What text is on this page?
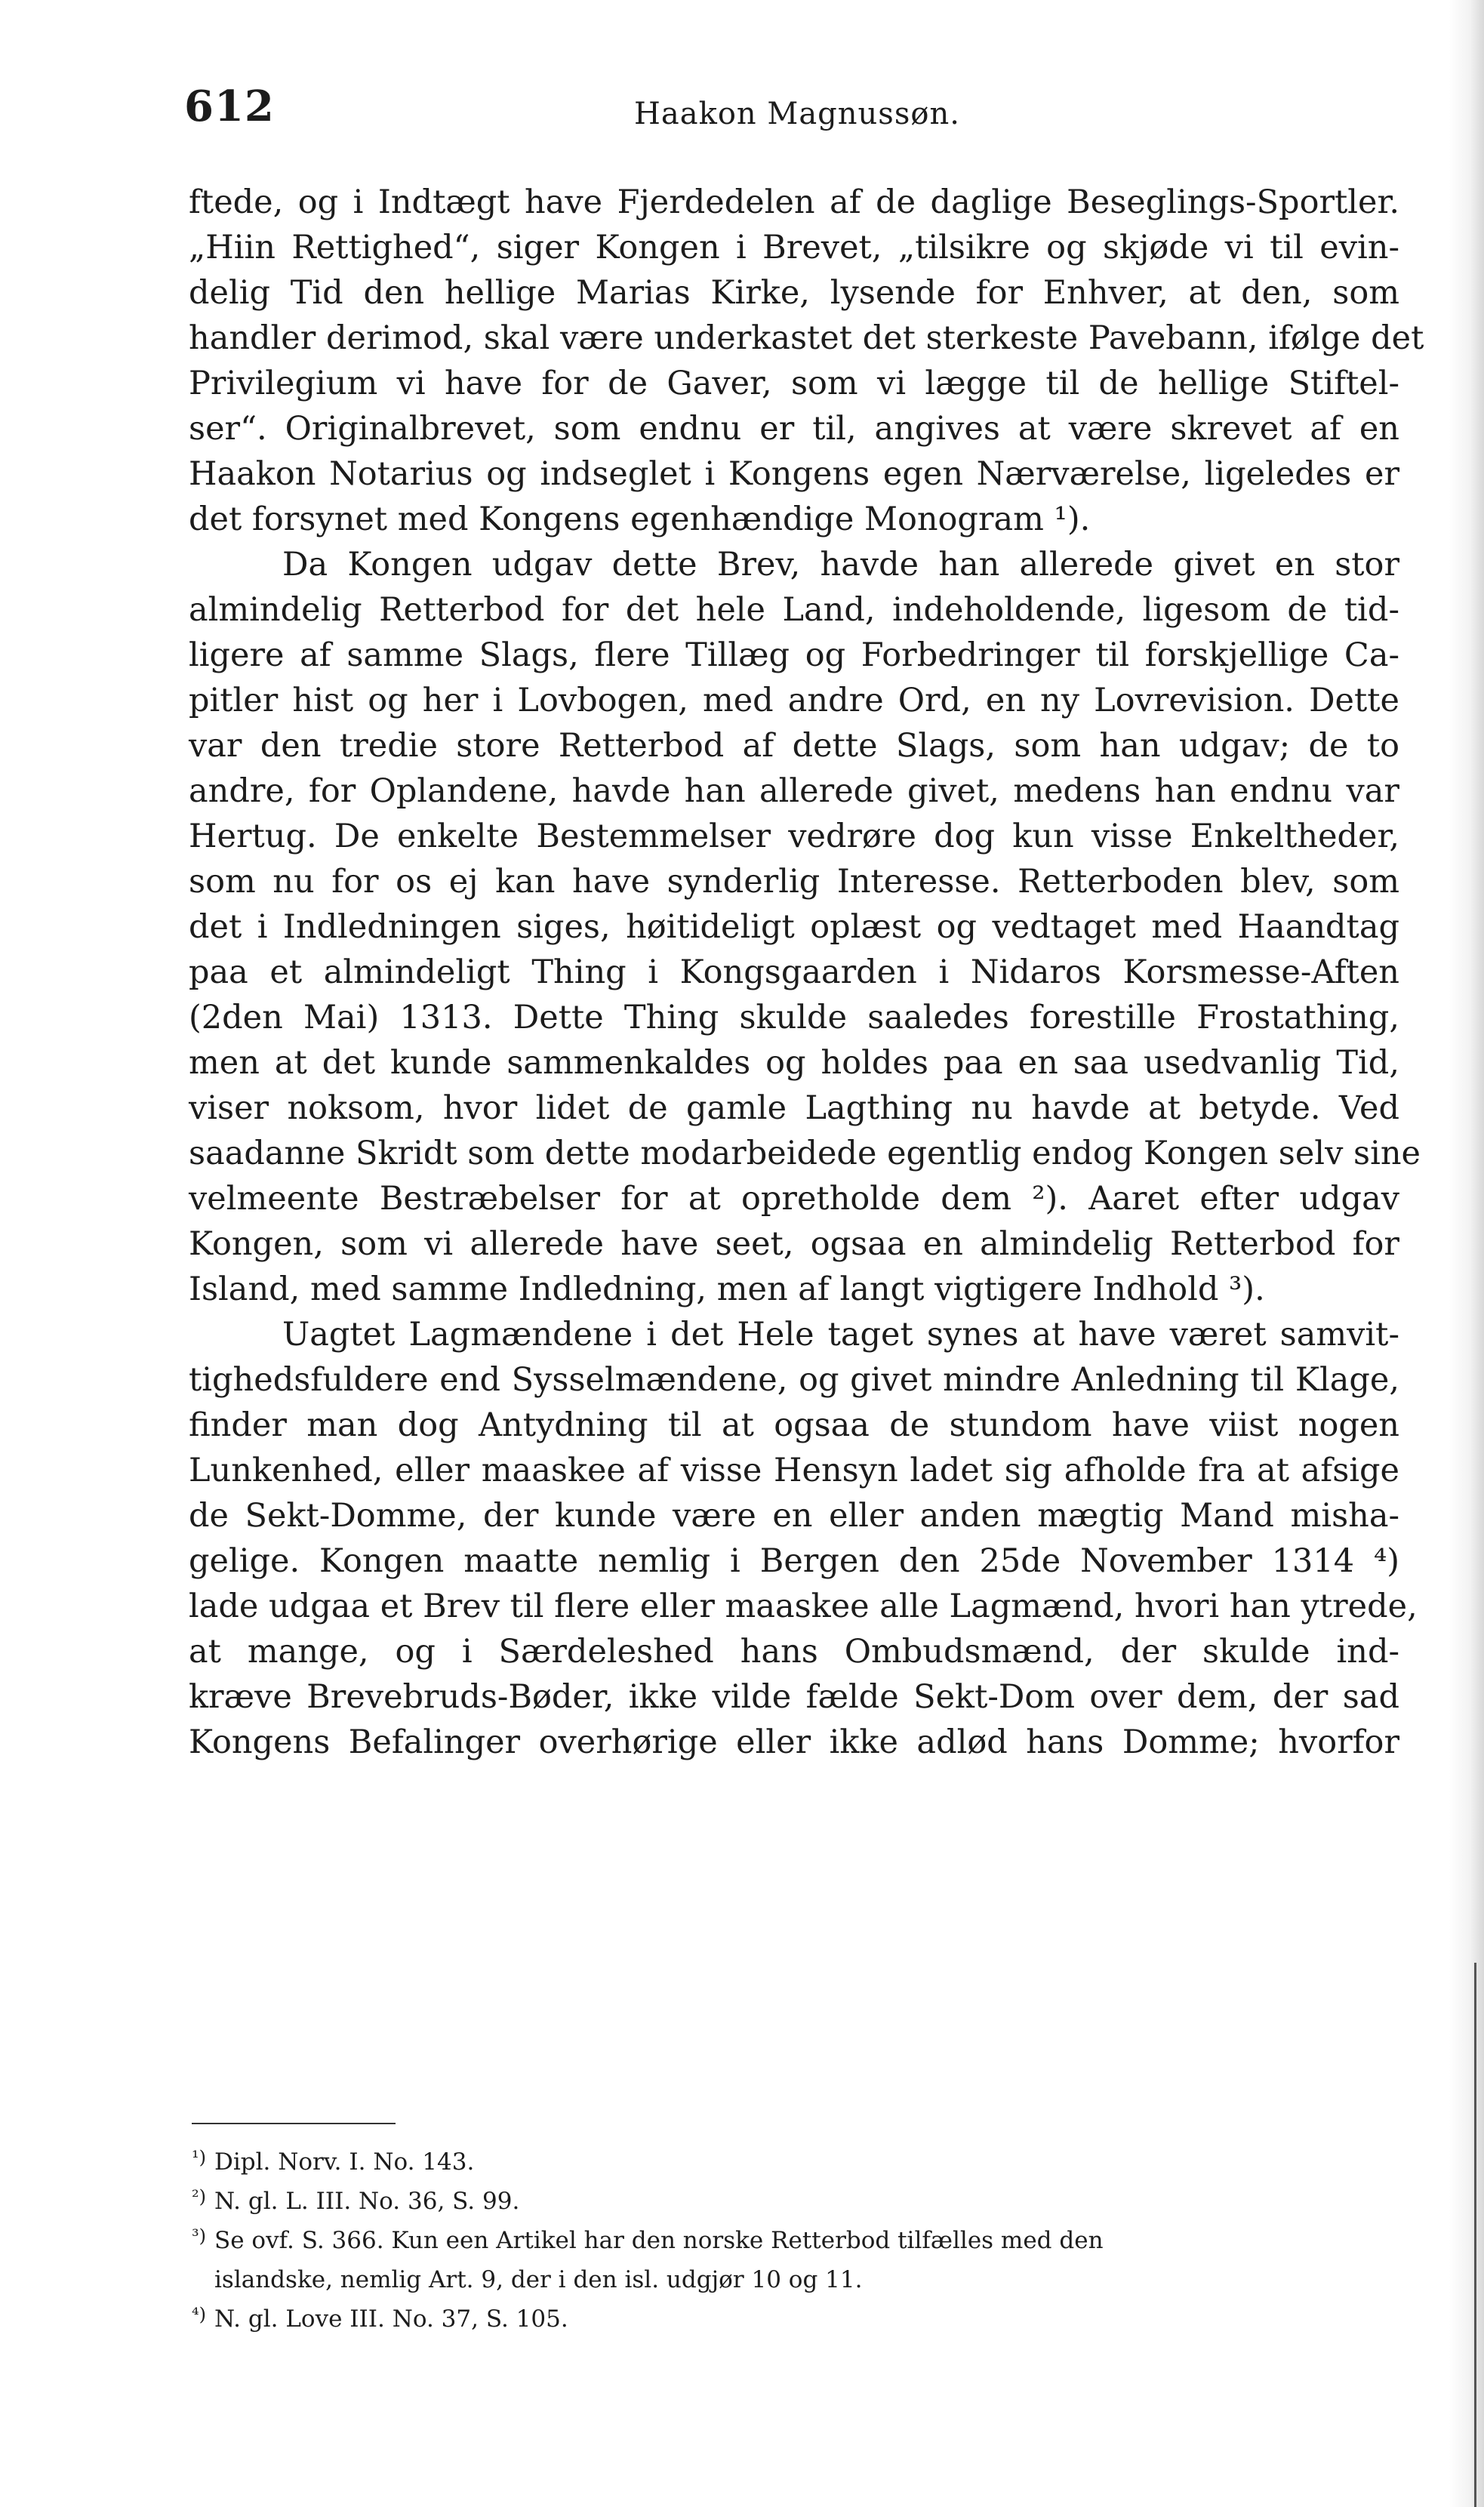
612	Haakon Magnussøn.
ftede, og i Indtægt have Fjerdedelen af de daglige Beseglings-Sportler.
„Hiin Rettighed“, siger Kongen i Brevet, „tilsikre og skjøde vi til evin-
delig Tid den hellige Marias Kirke, lysende for Enhver, at den, som
handler derimod, skal være underkastet det sterkeste Pavebann, ifølge det
Privilegium vi have for de Gaver, som vi lægge til de hellige Stiftel-
ser“. Originalbrevet, som endnu er til, angives at være skrevet af en
Haakon Notarius og indseglet i Kongens egen Nærværelse, ligeledes er
det forsynet med Kongens egenhændige Monogram ¹).
Da Kongen udgav dette Brev, havde han allerede givet en stor
almindelig Retterbod for det hele Land, indeholdende, ligesom de tid-
ligere af samme Slags, flere Tillæg og Forbedringer til forskjellige Ca-
pitler hist og her i Lovbogen, med andre Ord, en ny Lovrevision. Dette
var den tredie store Retterbod af dette Slags, som han udgav; de to
andre, for Oplandene, havde han allerede givet, medens han endnu var
Hertug. De enkelte Bestemmelser vedrøre dog kun visse Enkeltheder,
som nu for os ej kan have synderlig Interesse. Retterboden blev, som
det i Indledningen siges, høitideligt oplæst og vedtaget med Haandtag
paa et almindeligt Thing i Kongsgaarden i Nidaros Korsmesse-Aften
(2den Mai) 1313. Dette Thing skulde saaledes forestille Frostathing,
men at det kunde sammenkaldes og holdes paa en saa usedvanlig Tid,
viser noksom, hvor lidet de gamle Lagthing nu havde at betyde. Ved
saadanne Skridt som dette modarbeidede egentlig endog Kongen selv sine
velmeente Bestræbelser for at opretholde dem ²). Aaret efter udgav
Kongen, som vi allerede have seet, ogsaa en almindelig Retterbod for
Island, med samme Indledning, men af langt vigtigere Indhold ³).
Uagtet Lagmændene i det Hele taget synes at have været samvit-
tighedsfuldere end Sysselmændene, og givet mindre Anledning til Klage,
finder man dog Antydning til at ogsaa de stundom have viist nogen
Lunkenhed, eller maaskee af visse Hensyn ladet sig afholde fra at afsige
de Sekt-Domme, der kunde være en eller anden mægtig Mand misha-
gelige. Kongen maatte nemlig i Bergen den 25de November 1314 ⁴)
lade udgaa et Brev til flere eller maaskee alle Lagmænd, hvori han ytrede,
at mange, og i Særdeleshed hans Ombudsmænd, der skulde ind-
kræve Brevebruds-Bøder, ikke vilde fælde Sekt-Dom over dem, der sad
Kongens Befalinger overhørige eller ikke adlød hans Domme; hvorfor
¹) Dipl. Norv. I. No. 143.
²) N. gl. L. III. No. 36, S. 99.
³) Se ovf. S. 366. Kun een Artikel har den norske Retterbod tilfælles med den
islandske, nemlig Art. 9, der i den isl. udgjør 10 og 11.
⁴) N. gl. Love III. No. 37, S. 105.
